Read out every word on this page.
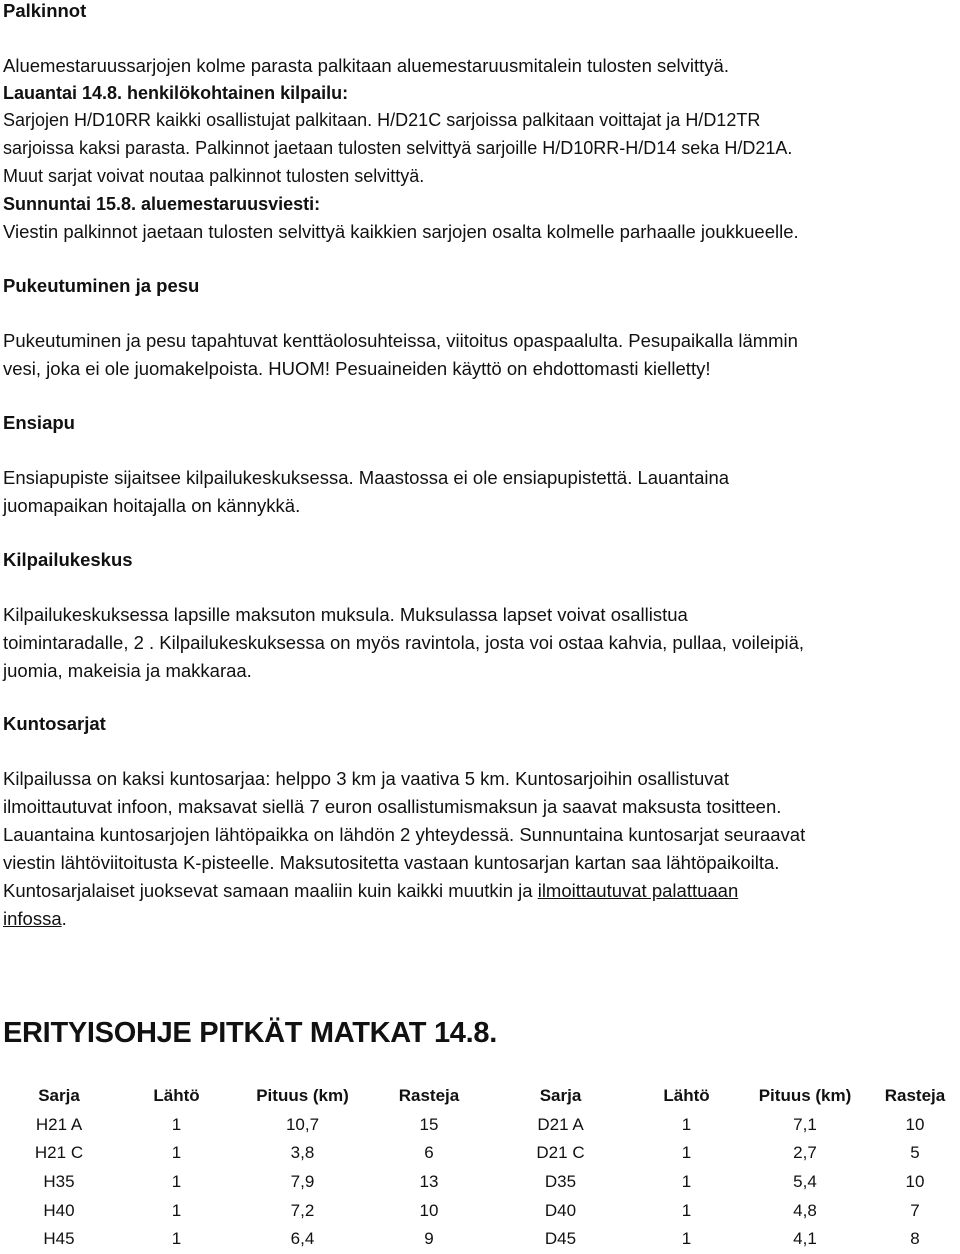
Palkinnot
Aluemestaruussarjojen kolme parasta palkitaan aluemestaruusmitalein tulosten selvittyä.
Lauantai 14.8. henkilökohtainen kilpailu:
Sarjojen H/D10RR kaikki osallistujat palkitaan. H/D21C sarjoissa palkitaan voittajat ja H/D12TR
sarjoissa kaksi parasta. Palkinnot jaetaan tulosten selvittyä sarjoille H/D10RR-H/D14 seka H/D21A.
Muut sarjat voivat noutaa palkinnot tulosten selvittyä.
Sunnuntai 15.8. aluemestaruusviesti:
Viestin palkinnot jaetaan tulosten selvittyä kaikkien sarjojen osalta kolmelle parhaalle joukkueelle.
Pukeutuminen ja pesu
Pukeutuminen ja pesu tapahtuvat kenttäolosuhteissa, viitoitus opaspaalulta. Pesupaikalla lämmin
vesi, joka ei ole juomakelpoista. HUOM! Pesuaineiden käyttö on ehdottomasti kielletty!
Ensiapu
Ensiapupiste sijaitsee kilpailukeskuksessa. Maastossa ei ole ensiapupistettä. Lauantaina
juomapaikan hoitajalla on kännykkä.
Kilpailukeskus
Kilpailukeskuksessa lapsille maksuton muksula. Muksulassa lapset voivat osallistua
toimintaradalle, 2 . Kilpailukeskuksessa on myös ravintola, josta voi ostaa kahvia, pullaa, voileipiä,
juomia, makeisia ja makkaraa.
Kuntosarjat
Kilpailussa on kaksi kuntosarjaa: helppo 3 km ja vaativa 5 km. Kuntosarjoihin osallistuvat
ilmoittautuvat infoon, maksavat siellä 7 euron osallistumismaksun ja saavat maksusta tositteen.
Lauantaina kuntosarjojen lähtöpaikka on lähdön 2 yhteydessä. Sunnuntaina kuntosarjat seuraavat
viestin lähtöviitoitusta K-pisteelle. Maksutositetta vastaan kuntosarjan kartan saa lähtöpaikoilta.
Kuntosarjalaiset juoksevat samaan maaliin kuin kaikki muutkin ja ilmoittautuvat palattuaan
infossa.
ERITYISOHJE PITKÄT MATKAT 14.8.
Sarja	Lähtö	Pituus (km)	Rasteja	Sarja	Lähtö	Pituus (km)	Rasteja
H21 A	1	10,7	15	D21 A	1	7,1	10
H21 C	1	3,8	6	D21 C	1	2,7	5
H35	1	7,9	13	D35	1	5,4	10
H40	1	7,2	10	D40	1	4,8	7
H45	1	6,4	9	D45	1	4,1	8
